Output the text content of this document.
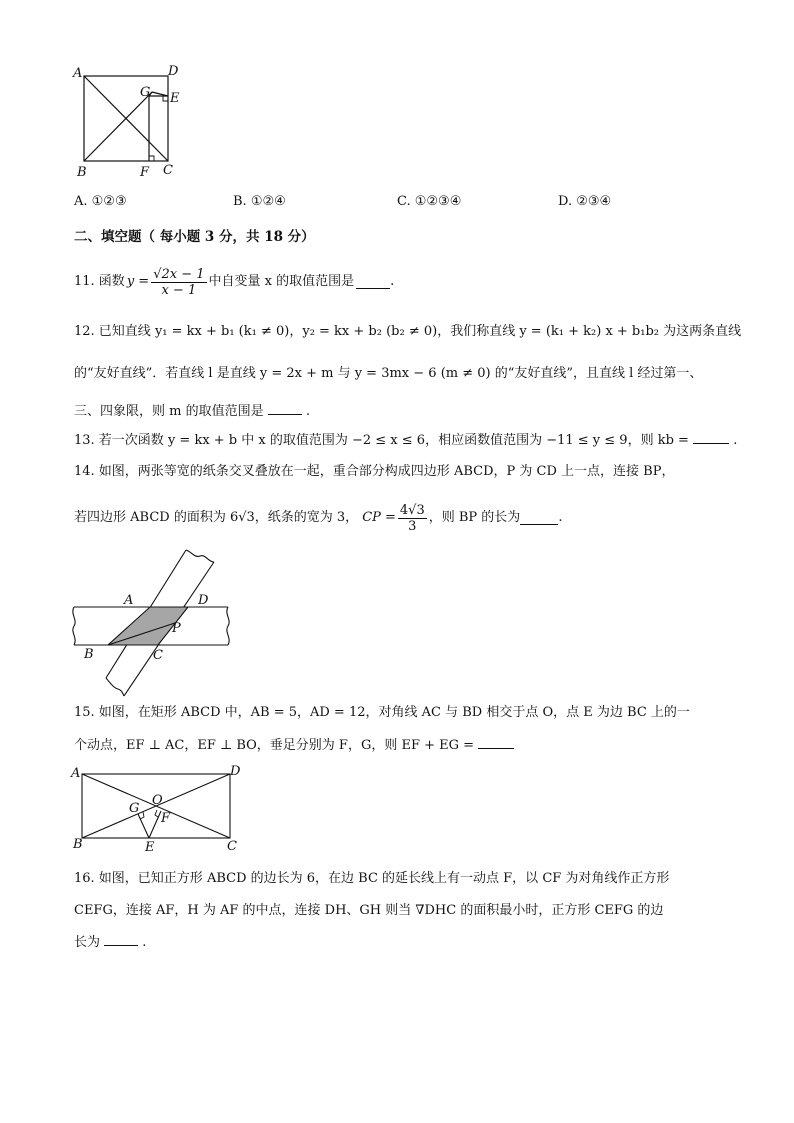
A	D
G E
B	F C
A. ①②③	B. ①②④	C. ①②③④	D. ②③④
二、填空题（ 每小题 3 分，共 18 分）
11. 函数 $y = \frac{√2x - 1}{x - 1}$ 中自变量 x 的取值范围是	.
12. 已知直线 y₁ = kx + b₁ (k₁ ≠ 0)，y₂ = kx + b₂ (b₂ ≠ 0)，我们称直线 y = (k₁ + k₂) x + b₁b₂ 为这两条直线
的“友好直线”．若直线 l 是直线 y = 2x + m 与 y = 3mx − 6 (m ≠ 0) 的“友好直线”，且直线 l 经过第一、
三、四象限，则 m 的取值范围是	.
13. 若一次函数 y = kx + b 中 x 的取值范围为 −2 ≤ x ≤ 6，相应函数值范围为 −11 ≤ y ≤ 9，则 kb =	.
14. 如图，两张等宽的纸条交叉叠放在一起，重合部分构成四边形 ABCD，P 为 CD 上一点，连接 BP，
若四边形 ABCD 的面积为 6√3，纸条的宽为 3， CP = $\frac{4√3}{3}$ ，则 BP 的长为	.
A	D
P
B	C
15. 如图，在矩形 ABCD 中，AB = 5，AD = 12，对角线 AC 与 BD 相交于点 O，点 E 为边 BC 上的一
个动点，EF ⊥ AC，EF ⊥ BO，垂足分别为 F，G，则 EF + EG =
A	D
G
O
F
B	E	C
16. 如图，已知正方形 ABCD 的边长为 6，在边 BC 的延长线上有一动点 F，以 CF 为对角线作正方形
CEFG，连接 AF，H 为 AF 的中点，连接 DH、GH 则当 ∇DHC 的面积最小时，正方形 CEFG 的边
长为	.
